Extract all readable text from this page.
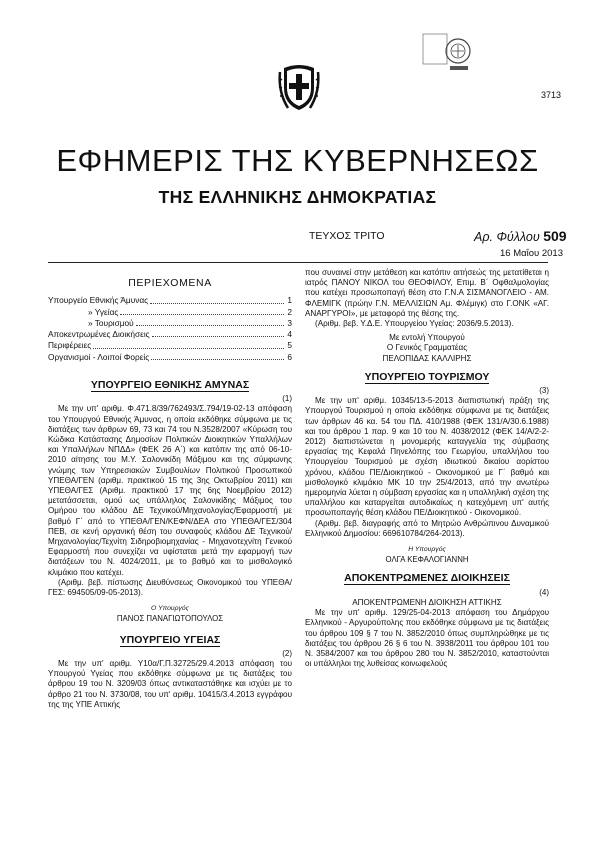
3713
ΕΦΗΜΕΡΙΣ ΤΗΣ ΚΥΒΕΡΝΗΣΕΩΣ
ΤΗΣ ΕΛΛΗΝΙΚΗΣ ΔΗΜΟΚΡΑΤΙΑΣ
ΤΕΥΧΟΣ ΤΡΙΤΟ	Αρ. Φύλλου 509
16 Μαΐου 2013
ΠΕΡΙΕΧΟΜΕΝΑ
Υπουργείο Εθνικής Άμυνας	1
» Υγείας	2
» Τουρισμού	3
Αποκεντρωμένες Διοικήσεις	4
Περιφέρειες	5
Οργανισμοί - Λοιποί Φορείς	6
ΥΠΟΥΡΓΕΙΟ ΕΘΝΙΚΗΣ ΑΜΥΝΑΣ
(1)
Με την υπ' αριθμ. Φ.471.8/39/762493/Σ.794/19-02-13 απόφαση του Υπουργού Εθνικής Άμυνας, η οποία εκδόθηκε σύμφωνα με τις διατάξεις των άρθρων 69, 73 και 74 του Ν.3528/2007 «Κύρωση του Κώδικα Κατάστασης Δημοσίων Πολιτικών Διοικητικών Υπαλλήλων και Υπαλλήλων ΝΠΔΔ» (ΦΕΚ 26 Α΄) και κατόπιν της από 06-10-2010 αίτησης του Μ.Υ. Σαλονικίδη Μάξιμου και της σύμφωνης γνώμης των Υπηρεσιακών Συμβουλίων Πολιτικού Προσωπικού ΥΠΕΘΑ/ΓΕΝ (αριθμ. πρακτικού 15 της 3ης Οκτωβρίου 2011) και ΥΠΕΘΑ/ΓΕΣ (Αριθμ. πρακτικού 17 της 6ης Νοεμβρίου 2012) μετατάσσεται, ομού ως υπάλληλος Σαλονικίδης Μάξιμος του Ομήρου του κλάδου ΔΕ Τεχνικού/Μηχανολογίας/Εφαρμοστή με βαθμό Γ΄ από το ΥΠΕΘΑ/ΓΕΝ/ΚΕΦΝ/ΔΕΑ στο ΥΠΕΘΑ/ΓΕΣ/304 ΠΕΒ, σε κενή οργανική θέση του συναφούς κλάδου ΔΕ Τεχνικού/Μηχανολογίας/Τεχνίτη Σιδηροβιομηχανίας - Μηχανοτεχνίτη Γενικού Εφαρμοστή που συνεχίζει να υφίσταται μετά την εφαρμογή των διατάξεων του Ν. 4024/2011, με το βαθμό και το μισθολογικό κλιμάκιο που κατέχει.
(Αριθμ. βεβ. πίστωσης Διευθύνσεως Οικονομικού του ΥΠΕΘΑ/ΓΕΣ: 694505/09-05-2013).
Ο Υπουργός
ΠΑΝΟΣ ΠΑΝΑΓΙΩΤΟΠΟΥΛΟΣ
ΥΠΟΥΡΓΕΙΟ ΥΓΕΙΑΣ
(2)
Με την υπ' αριθμ. Υ10α/Γ.Π.32725/29.4.2013 απόφαση του Υπουργού Υγείας που εκδόθηκε σύμφωνα με τις διατάξεις του άρθρου 19 του Ν. 3209/03 όπως αντικαταστάθηκε και ισχύει με το άρθρο 21 του Ν. 3730/08, του υπ' αριθμ. 10415/3.4.2013 εγγράφου της της ΥΠΕ Αττικής
που συναινεί στην μετάθεση και κατόπιν αιτήσεώς της μετατίθεται η ιατρός ΠΑΝΟΥ ΝΙΚΟΛ του ΘΕΟΦΙΛΟΥ, Επιμ. Β΄ Οφθαλμολογίας που κατέχει προσωποπαγή θέση στο Γ.Ν.Α ΣΙΣΜΑΝΟΓΛΕΙΟ - ΑΜ. ΦΛΕΜΙΓΚ (πρώην Γ.Ν. ΜΕΛΛΙΣΙΩΝ Αμ. Φλέμιγκ) στο Γ.ΟΝΚ «ΑΓ. ΑΝΑΡΓΥΡΟΙ», με μεταφορά της θέσης της.
(Αριθμ. βεβ. Υ.Δ.Ε. Υπουργείου Υγείας: 2036/9.5.2013).
Με εντολή Υπουργού
Ο Γενικός Γραμματέας
ΠΕΛΟΠΙΔΑΣ ΚΑΛΛΙΡΗΣ
ΥΠΟΥΡΓΕΙΟ ΤΟΥΡΙΣΜΟΥ
(3)
Με την υπ' αριθμ. 10345/13-5-2013 διαπιστωτική πράξη της Υπουργού Τουρισμού η οποία εκδόθηκε σύμφωνα με τις διατάξεις των άρθρων 46 κα. 54 του ΠΔ. 410/1988 (ΦΕΚ 131/Α/30.6.1988) και του άρθρου 1 παρ. 9 και 10 του Ν. 4038/2012 (ΦΕΚ 14/Α/2-2-2012) διαπιστώνεται η μονομερής καταγγελία της σύμβασης εργασίας της Κεφαλά Πηνελόπης του Γεωργίου, υπαλλήλου του Υπουργείου Τουρισμού με σχέση ιδιωτικού δικαίου αορίστου χρόνου, κλάδου ΠΕ/Διοικητικού - Οικονομικού με Γ΄ βαθμό και μισθολογικό κλιμάκιο ΜΚ 10 την 25/4/2013, από την ανωτέρω ημερομηνία λύεται η σύμβαση εργασίας και η υπαλληλική σχέση της υπαλλήλου και καταργείται αυτοδικαίως η κατεχόμενη υπ' αυτής προσωποπαγής θέση κλάδου ΠΕ/Διοικητικού - Οικονομικού.
(Αριθμ. βεβ. διαγραφής από το Μητρώο Ανθρώπινου Δυναμικού Ελληνικού Δημοσίου: 669610784/264-2013).
Η Υπουργός
ΟΛΓΑ ΚΕΦΑΛΟΓΙΑΝΝΗ
ΑΠΟΚΕΝΤΡΩΜΕΝΕΣ ΔΙΟΙΚΗΣΕΙΣ
(4)
ΑΠΟΚΕΝΤΡΩΜΕΝΗ ΔΙΟΙΚΗΣΗ ΑΤΤΙΚΗΣ
Με την υπ' αριθμ. 129/25-04-2013 απόφαση του Δημάρχου Ελληνικού - Αργυρούπολης που εκδόθηκε σύμφωνα με τις διατάξεις του άρθρου 109 § 7 του Ν. 3852/2010 όπως συμπληρώθηκε με τις διατάξεις του άρθρου 26 § 6 του Ν. 3938/2011 του άρθρου 101 του Ν. 3584/2007 και του άρθρου 280 του Ν. 3852/2010, καταστούνται οι υπάλληλοι της λυθείσας κοινωφελούς
